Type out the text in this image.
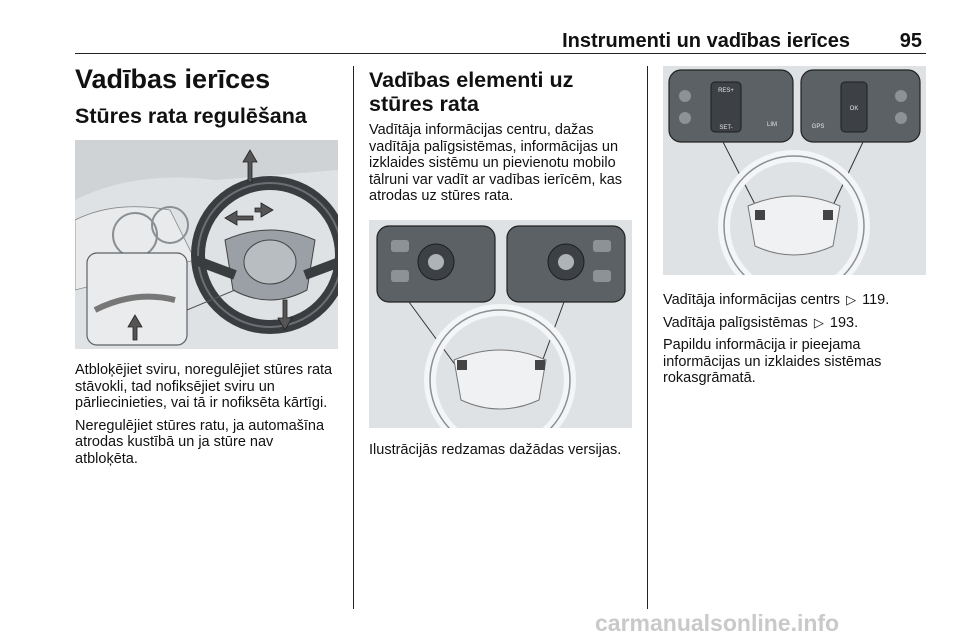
Instrumenti un vadības ierīces 95
Vadības ierīces
Stūres rata regulēšana

Atbloķējiet sviru, noregulējiet stūres rata stāvokli, tad nofiksējiet sviru un pārliecinieties, vai tā ir nofiksēta kārtīgi.

Neregulējiet stūres ratu, ja automašīna atrodas kustībā un ja stūre nav atbloķēta.

Vadības elementi uz stūres rata

Vadītāja informācijas centru, dažas vadītāja palīgsistēmas, informācijas un izklaides sistēmu un pievienotu mobilo tālruni var vadīt ar vadības ierīcēm, kas atrodas uz stūres rata.

Ilustrācijās redzamas dažādas versijas.

RES+
SET-	LIM
OK
GPS

Vadītāja informācijas centrs ▷ 119.

Vadītāja palīgsistēmas ▷ 193.

Papildu informācija ir pieejama informācijas un izklaides sistēmas rokasgrāmatā.

carmanualsonline.info
